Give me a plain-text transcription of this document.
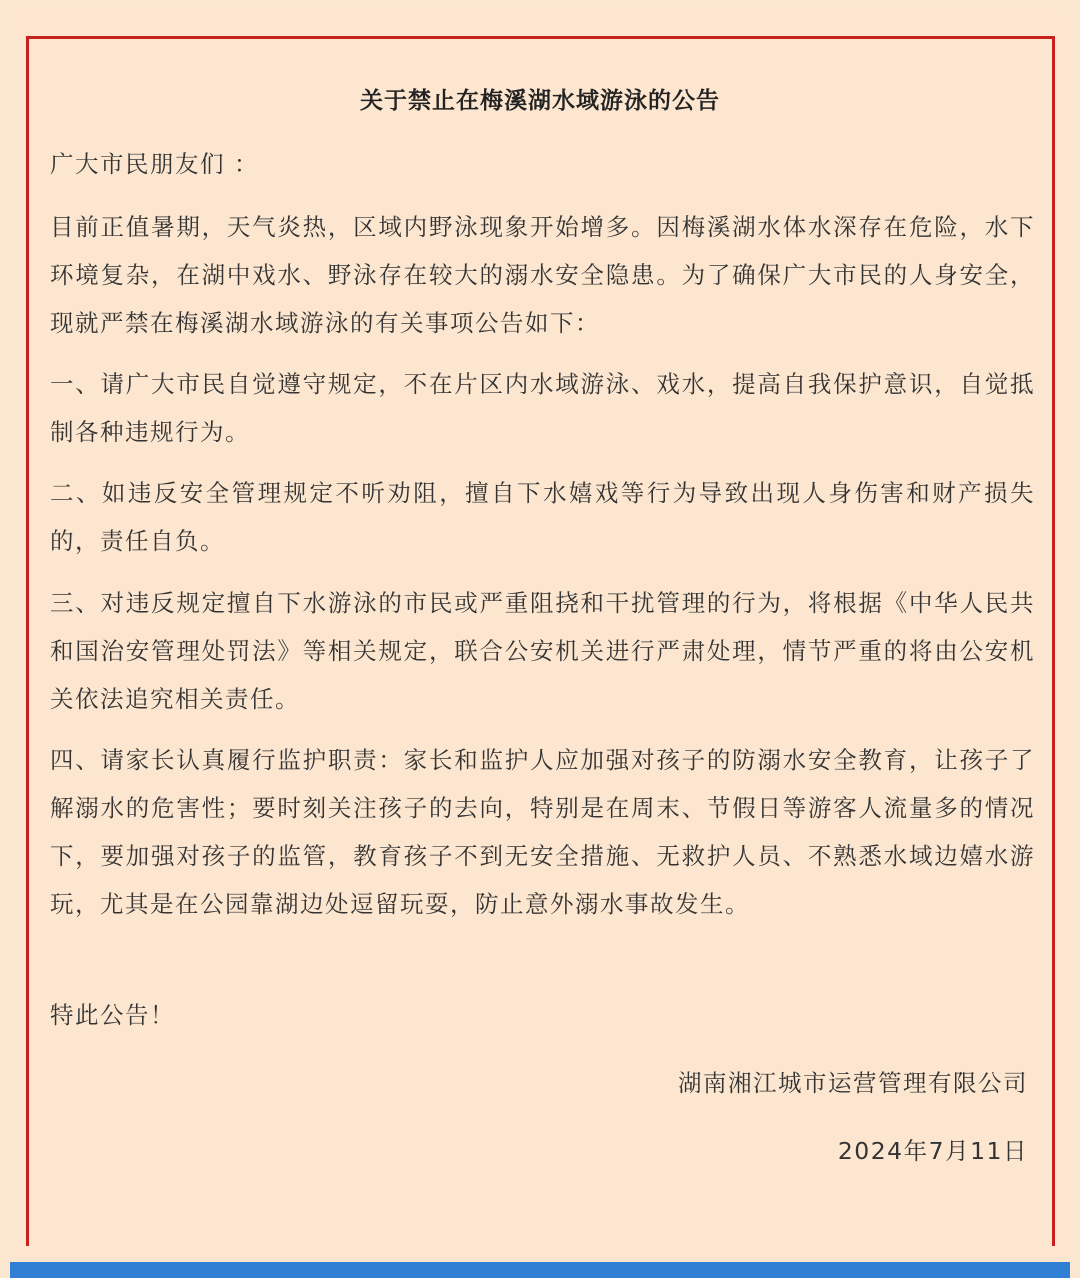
关于禁止在梅溪湖水域游泳的公告

广大市民朋友们 ：

目前正值暑期，天气炎热，区域内野泳现象开始增多。因梅溪湖水体水深存在危险，水下环境复杂，在湖中戏水、野泳存在较大的溺水安全隐患。为了确保广大市民的人身安全，现就严禁在梅溪湖水域游泳的有关事项公告如下：

一、请广大市民自觉遵守规定，不在片区内水域游泳、戏水，提高自我保护意识，自觉抵制各种违规行为。

二、如违反安全管理规定不听劝阻，擅自下水嬉戏等行为导致出现人身伤害和财产损失的，责任自负。

三、对违反规定擅自下水游泳的市民或严重阻挠和干扰管理的行为，将根据《中华人民共和国治安管理处罚法》等相关规定，联合公安机关进行严肃处理，情节严重的将由公安机关依法追究相关责任。

四、请家长认真履行监护职责：家长和监护人应加强对孩子的防溺水安全教育，让孩子了解溺水的危害性；要时刻关注孩子的去向，特别是在周末、节假日等游客人流量多的情况下，要加强对孩子的监管，教育孩子不到无安全措施、无救护人员、不熟悉水域边嬉水游玩，尤其是在公园靠湖边处逗留玩耍，防止意外溺水事故发生。

特此公告！

湖南湘江城市运营管理有限公司
2024年7月11日
